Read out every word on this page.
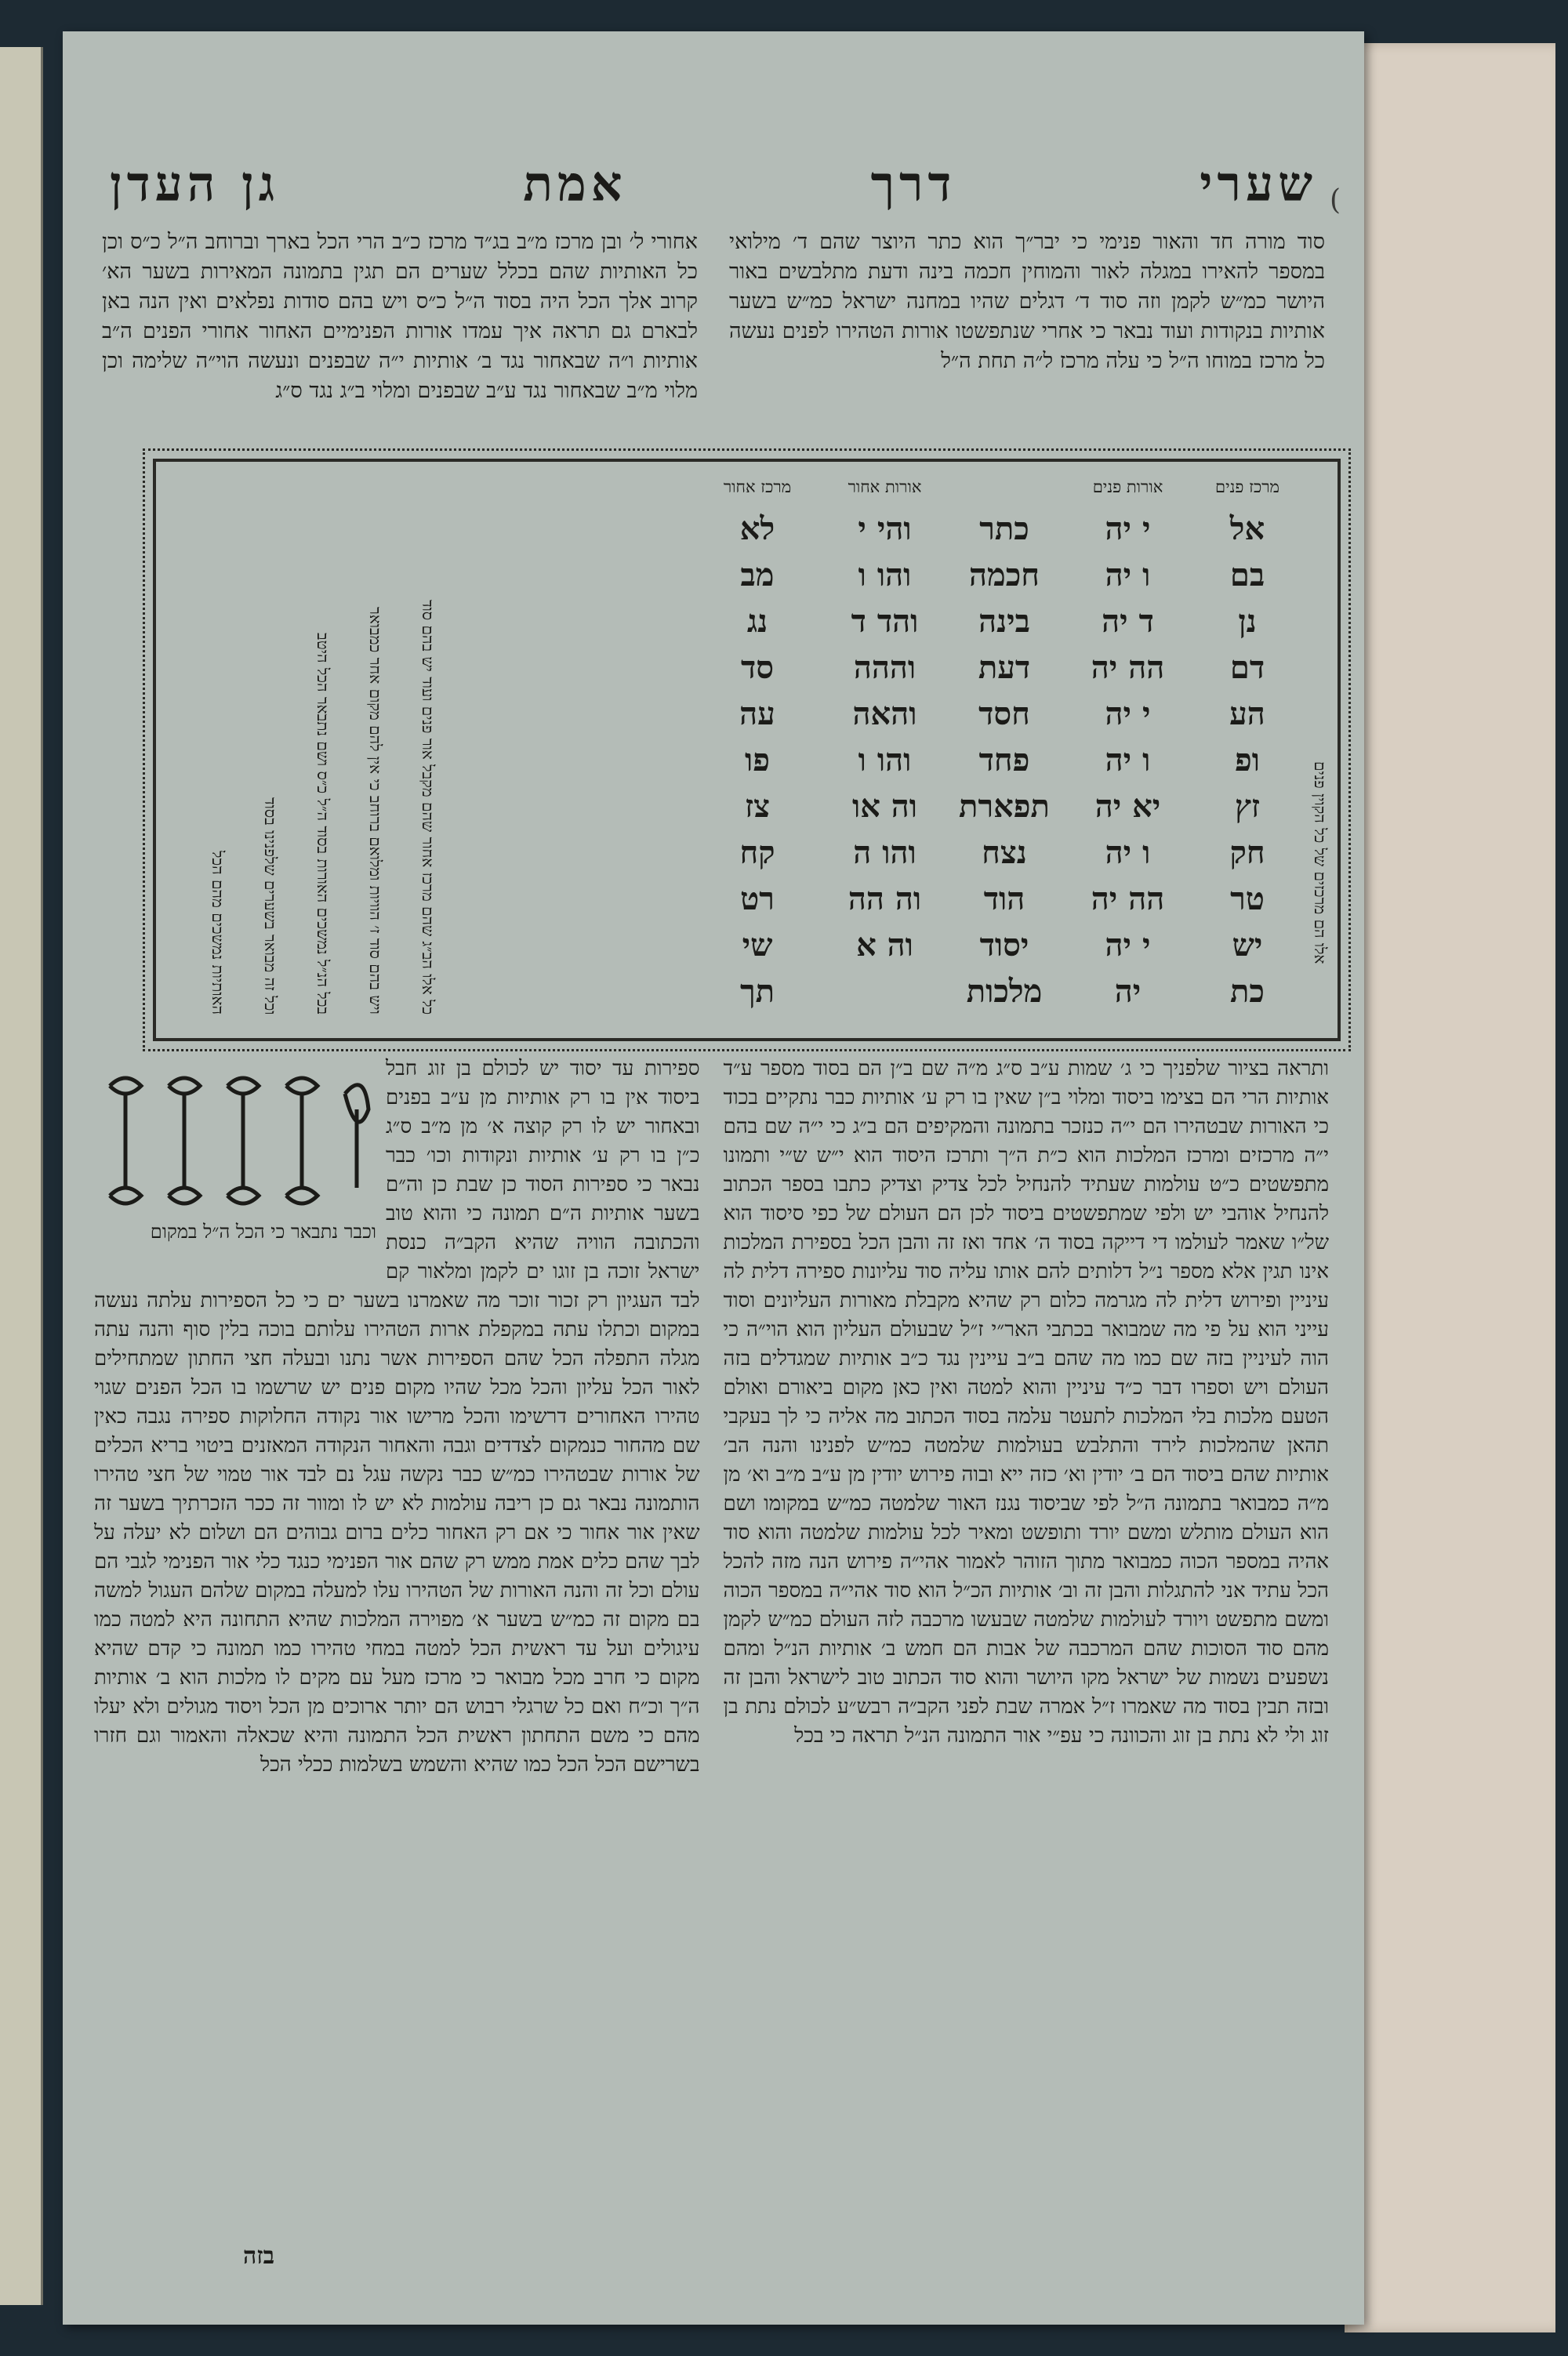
)
שערי
דרך
אמת
גן העדן
סוד מורה חד והאור פנימי כי יבר״ך הוא כתר היוצר שהם ד׳ מילואי במספר להאירו במגלה לאור והמוחין חכמה בינה ודעת מתלבשים באור היושר כמ״ש לקמן וזה סוד ד׳ דגלים שהיו במחנה ישראל כמ״ש בשער אותיות בנקודות ועוד נבאר כי אחרי שנתפשטו אורות הטהירו לפנים נעשה כל מרכז במוחו ה״ל כי עלה מרכז ל״ה תחת ה״ל
אחורי ל׳ ובן מרכז מ״ב בג״ד מרכז כ״ב הרי הכל בארך וברוחב ה״ל כ״ס וכן כל האותיות שהם בכלל שערים הם תגין בתמונה המאירות בשער הא׳ קרוב אלך הכל היה בסוד ה״ל כ״ס ויש בהם סודות נפלאים ואין הנה באן לבארם גם תראה איך עמדו אורות הפנימיים האחור אחורי הפנים ה״ב אותיות ו״ה שבאחור נגד ב׳ אותיות י״ה שבפנים ונעשה הוי״ה שלימה וכן מלוי מ״ב שבאחור נגד ע״ב שבפנים ומלוי ב״ג נגד ס״ג
אלו הם מרכזים של כל הקוין פנים
מרכז פנים
אורות פנים
אורות אחור
מרכז אחור
אל
י יה
כתר
והי י
לא
בם
ו יה
חכמה
והו ו
מב
נן
ד יה
בינה
והד ד
נג
דם
הה יה
דעת
וההה
סד
הע
י יה
חסד
והאה
עה
ופ
ו יה
פחד
והו ו
פו
זץ
יא יה
תפארת
וה או
צז
חק
ו יה
נצח
והו ה
קח
טר
הה יה
הוד
וה הה
רט
יש
י יה
יסוד
וה א
שי
כת
יה
מלכות
תך
כל אלו הב״ג שהם מרכז אחור שהם מקבל אור פנים ועוד יש בהם סוד
ויש בהם סוד ז׳ הוויות ומלואם ברוחב כי אין להם מקום אחר כמבואר
בכל הנ״ל נמשכים האורות בסוד ה״ל כ״ס ושם נתבאר הכל היטב
וכל זה מבואר בשערים שלפנינו בסוד
האותיות נמשכים מהם הכל
ותראה בציור שלפניך כי ג׳ שמות ע״ב ס״ג מ״ה שם ב״ן הם בסוד מספר ע״ד אותיות הרי הם בצימו ביסוד ומלוי ב״ן שאין בו רק ע׳ אותיות כבר נתקיים בכוד כי האורות שבטהירו הם י״ה כנזכר בתמונה והמקיפים הם ב״ג כי י״ה שם בהם י״ה מרכזים ומרכז המלכות הוא כ״ת ה״ך ותרכז היסוד הוא י״ש ש״י ותמונו מתפשטים כ״ט עולמות שעתיד להנחיל לכל צדיק וצדיק כתבו בספר הכתוב להנחיל אוהבי יש ולפי שמתפשטים ביסוד לכן הם העולם של כפי סיסוד הוא של״ו שאמר לעולמו די דייקה בסוד ה׳ אחד ואז זה והבן הכל בספירת המלכות אינו תגין אלא מספר נ״ל דלותים להם אותו עליה סוד עליונות ספירה דלית לה עיניין ופירוש דלית לה מגרמה כלום רק שהיא מקבלת מאורות העליונים וסוד עייני הוא על פי מה שמבואר בכתבי האר״י ז״ל שבעולם העליון הוא הוי״ה כי הוה לעיניין בזה שם כמו מה שהם ב״ב עיינין נגד כ״ב אותיות שמגדלים בזה העולם ויש וספרו דבר כ״ד עיניין והוא למטה ואין כאן מקום ביאורם ואולם הטעם מלכות בלי המלכות לתעטר עלמה בסוד הכתוב מה אליה כי לך בעקבי תהאן שהמלכות לירד והתלבש בעולמות שלמטה כמ״ש לפנינו והנה הב׳ אותיות שהם ביסוד הם ב׳ יודין וא׳ כזה ייא ובוה פירוש יודין מן ע״ב מ״ב וא׳ מן מ״ה כמבואר בתמונה ה״ל לפי שביסוד נגנז האור שלמטה כמ״ש במקומו ושם הוא העולם מותלש ומשם יורד ותופשט ומאיר לכל עולמות שלמטה והוא סוד אהיה במספר הכוה כמבואר מתוך הזוהר לאמור אהי״ה פירוש הנה מזה להכל הכל עתיד אני להתגלות והבן זה וב׳ אותיות הכ״ל הוא סוד אהי״ה במספר הכוה ומשם מתפשט ויורד לעולמות שלמטה שבעשו מרכבה לזה העולם כמ״ש לקמן מהם סוד הסוכות שהם המרכבה של אבות הם חמש ב׳ אותיות הנ״ל ומהם נשפעים נשמות של ישראל מקו היושר והוא סוד הכתוב טוב לישראל והבן זה ובזה תבין בסוד מה שאמרו ז״ל אמרה שבת לפני הקב״ה רבש״ע לכולם נתת בן זוג ולי לא נתת בן זוג והכוונה כי עפ״י אור התמונה הנ״ל תראה כי בכל
וכבר נתבאר כי הכל ה״ל במקום
ספירות עד יסוד יש לכולם בן זוג חבל ביסוד אין בו רק אותיות מן ע״ב בפנים ובאחור יש לו רק קוצה א׳ מן מ״ב ס״ג כ״ן בו רק ע׳ אותיות ונקודות וכו׳ כבר נבאר כי ספירות הסוד כן שבת כן וה״ם בשער אותיות ה״ם תמונה כי והוא טוב והכתובה הוויה שהיא הקב״ה כנסת ישראל זוכה בן זוגו ים לקמן ומלאור קם לבד העגיון רק זכור זוכר מה שאמרנו בשער ים כי כל הספירות עלתה נעשה במקום וכתלו עתה במקפלת ארות הטהירו עלותם בוכה בלין סוף והנה עתה מגלה התפלה הכל שהם הספירות אשר נתנו ובעלה חצי החתון שמתחילים לאור הכל עליון והכל מכל שהיו מקום פנים יש שרשמו בו הכל הפנים שגוי טהירו האחורים דרשימו והכל מרישו אור נקודה החלוקות ספירה נגבה כאין שם מהחור כנמקום לצדדים וגבה והאחור הנקודה המאזנים ביטוי בריא הכלים של אורות שבטהירו כמ״ש כבר נקשה עגל נם לבד אור טמוי של חצי טהירו הותמונה נבאר גם כן ריבה עולמות לא יש לו ומוור זה ככר הזכרתיך בשער זה שאין אור אחור כי אם רק האחור כלים ברום גבוהים הם ושלום לא יעלה על לבך שהם כלים אמת ממש רק שהם אור הפנימי כנגד כלי אור הפנימי לגבי הם עולם וכל זה והנה האורות של הטהירו עלו למעלה במקום שלהם העגול למשה בם מקום זה כמ״ש בשער א׳ מפוירה המלכות שהיא התחונה היא למטה כמו עיגולים ועל עד ראשית הכל למטה במחי טהירו כמו תמונה כי קדם שהיא מקום כי חרב מכל מבואר כי מרכז מעל עם מקים לו מלכות הוא ב׳ אותיות ה״ך וכ״ח ואם כל שרגלי רבוש הם יותר ארוכים מן הכל ויסוד מגולים ולא יעלו מהם כי משם התחתון ראשית הכל התמונה והיא שכאלה והאמור וגם חזרו בשרישם הכל הכל כמו שהיא והשמש בשלמות ככלי הכל
בזה
